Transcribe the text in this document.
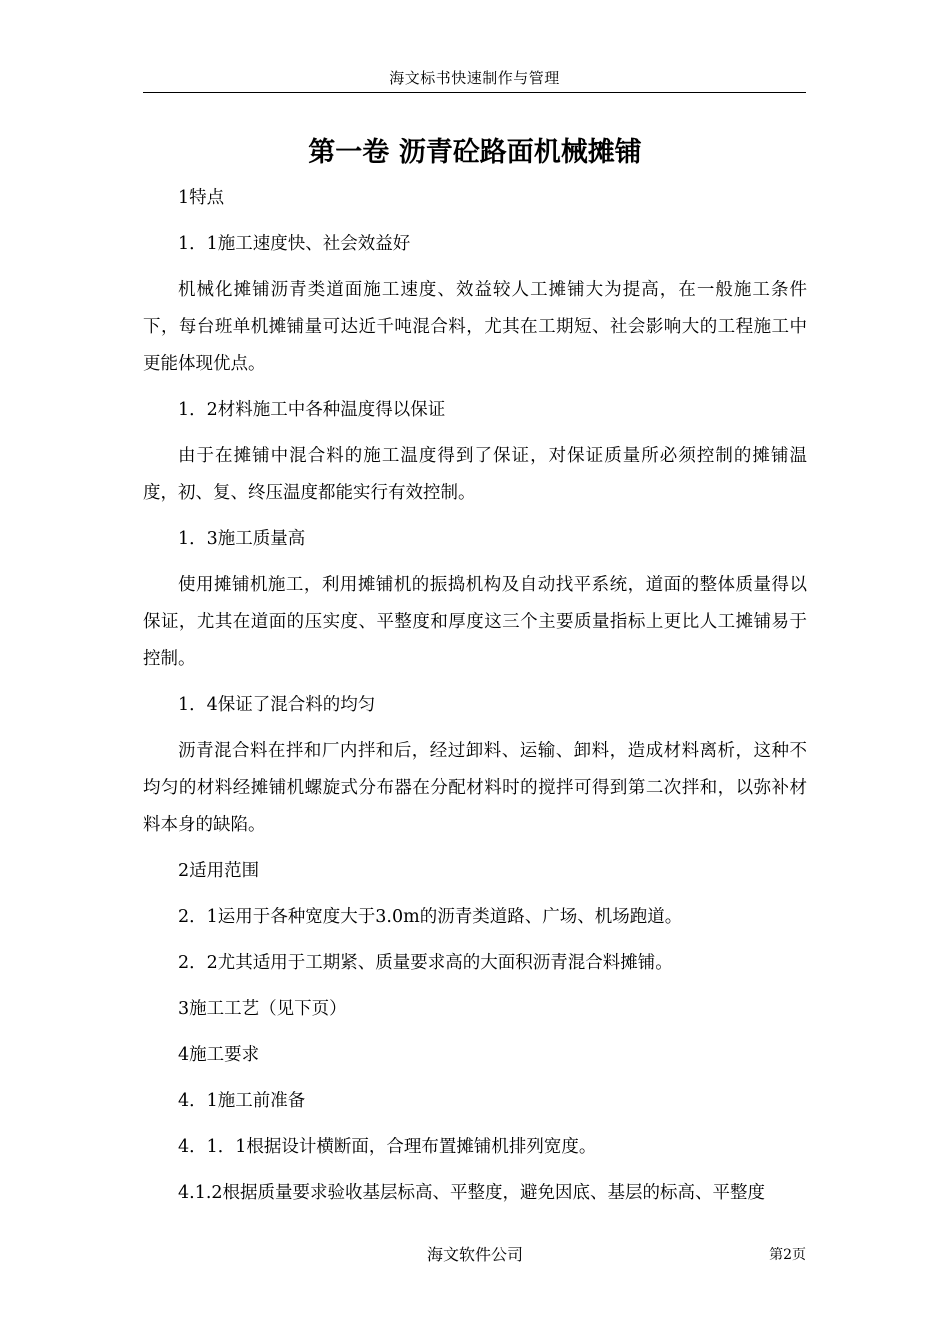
海文标书快速制作与管理
第一卷 沥青砼路面机械摊铺

1特点

1．1施工速度快、社会效益好

机械化摊铺沥青类道面施工速度、效益较人工摊铺大为提高，在一般施工条件下，每台班单机摊铺量可达近千吨混合料，尤其在工期短、社会影响大的工程施工中更能体现优点。

1．2材料施工中各种温度得以保证

由于在摊铺中混合料的施工温度得到了保证，对保证质量所必须控制的摊铺温度，初、复、终压温度都能实行有效控制。

1．3施工质量高

使用摊铺机施工，利用摊铺机的振捣机构及自动找平系统，道面的整体质量得以保证，尤其在道面的压实度、平整度和厚度这三个主要质量指标上更比人工摊铺易于控制。

1．4保证了混合料的均匀

沥青混合料在拌和厂内拌和后，经过卸料、运输、卸料，造成材料离析，这种不均匀的材料经摊铺机螺旋式分布器在分配材料时的搅拌可得到第二次拌和，以弥补材料本身的缺陷。

2适用范围

2．1运用于各种宽度大于3.0m的沥青类道路、广场、机场跑道。

2．2尤其适用于工期紧、质量要求高的大面积沥青混合料摊铺。

3施工工艺（见下页）

4施工要求

4．1施工前准备

4．1．1根据设计横断面，合理布置摊铺机排列宽度。

4.1.2根据质量要求验收基层标高、平整度，避免因底、基层的标高、平整度

海文软件公司	第2页
